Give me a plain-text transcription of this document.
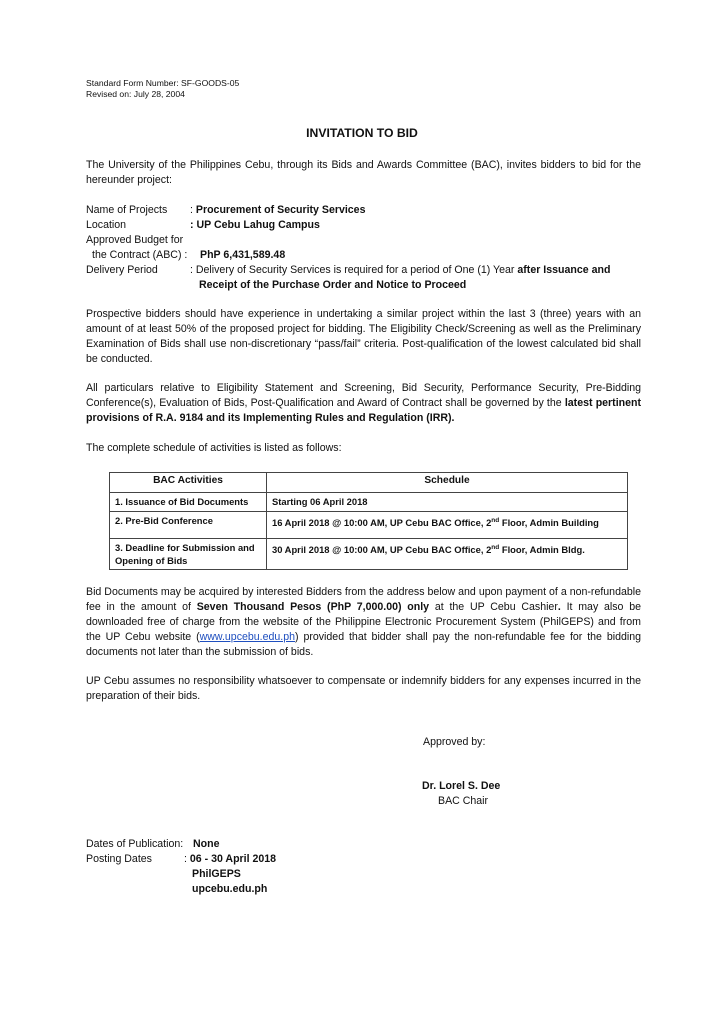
Standard Form Number: SF-GOODS-05
Revised on: July 28, 2004
INVITATION TO BID
The University of the Philippines Cebu, through its Bids and Awards Committee (BAC), invites bidders to bid for the hereunder project:
Name of Projects : Procurement of Security Services
Location	: UP Cebu Lahug Campus
Approved Budget for
the Contract (ABC) : PhP 6,431,589.48
Delivery Period	: Delivery of Security Services is required for a period of One (1) Year after Issuance and
Receipt of the Purchase Order and Notice to Proceed
Prospective bidders should have experience in undertaking a similar project within the last 3 (three) years with an amount of at least 50% of the proposed project for bidding. The Eligibility Check/Screening as well as the Preliminary Examination of Bids shall use non-discretionary “pass/fail” criteria. Post-qualification of the lowest calculated bid shall be conducted.
All particulars relative to Eligibility Statement and Screening, Bid Security, Performance Security, Pre-Bidding Conference(s), Evaluation of Bids, Post-Qualification and Award of Contract shall be governed by the latest pertinent provisions of R.A. 9184 and its Implementing Rules and Regulation (IRR).
The complete schedule of activities is listed as follows:
BAC Activities	Schedule
1. Issuance of Bid Documents	Starting 06 April 2018
2. Pre-Bid Conference	16 April 2018 @ 10:00 AM, UP Cebu BAC Office, 2nd Floor, Admin Building
3. Deadline for Submission and Opening of Bids	30 April 2018 @ 10:00 AM, UP Cebu BAC Office, 2nd Floor, Admin Bldg.
Bid Documents may be acquired by interested Bidders from the address below and upon payment of a non-refundable fee in the amount of Seven Thousand Pesos (PhP 7,000.00) only at the UP Cebu Cashier. It may also be downloaded free of charge from the website of the Philippine Electronic Procurement System (PhilGEPS) and from the UP Cebu website (www.upcebu.edu.ph) provided that bidder shall pay the non-refundable fee for the bidding documents not later than the submission of bids.
UP Cebu assumes no responsibility whatsoever to compensate or indemnify bidders for any expenses incurred in the preparation of their bids.
Approved by:
Dr. Lorel S. Dee
BAC Chair
Dates of Publication: None
Posting Dates	: 06 - 30 April 2018
PhilGEPS
upcebu.edu.ph
